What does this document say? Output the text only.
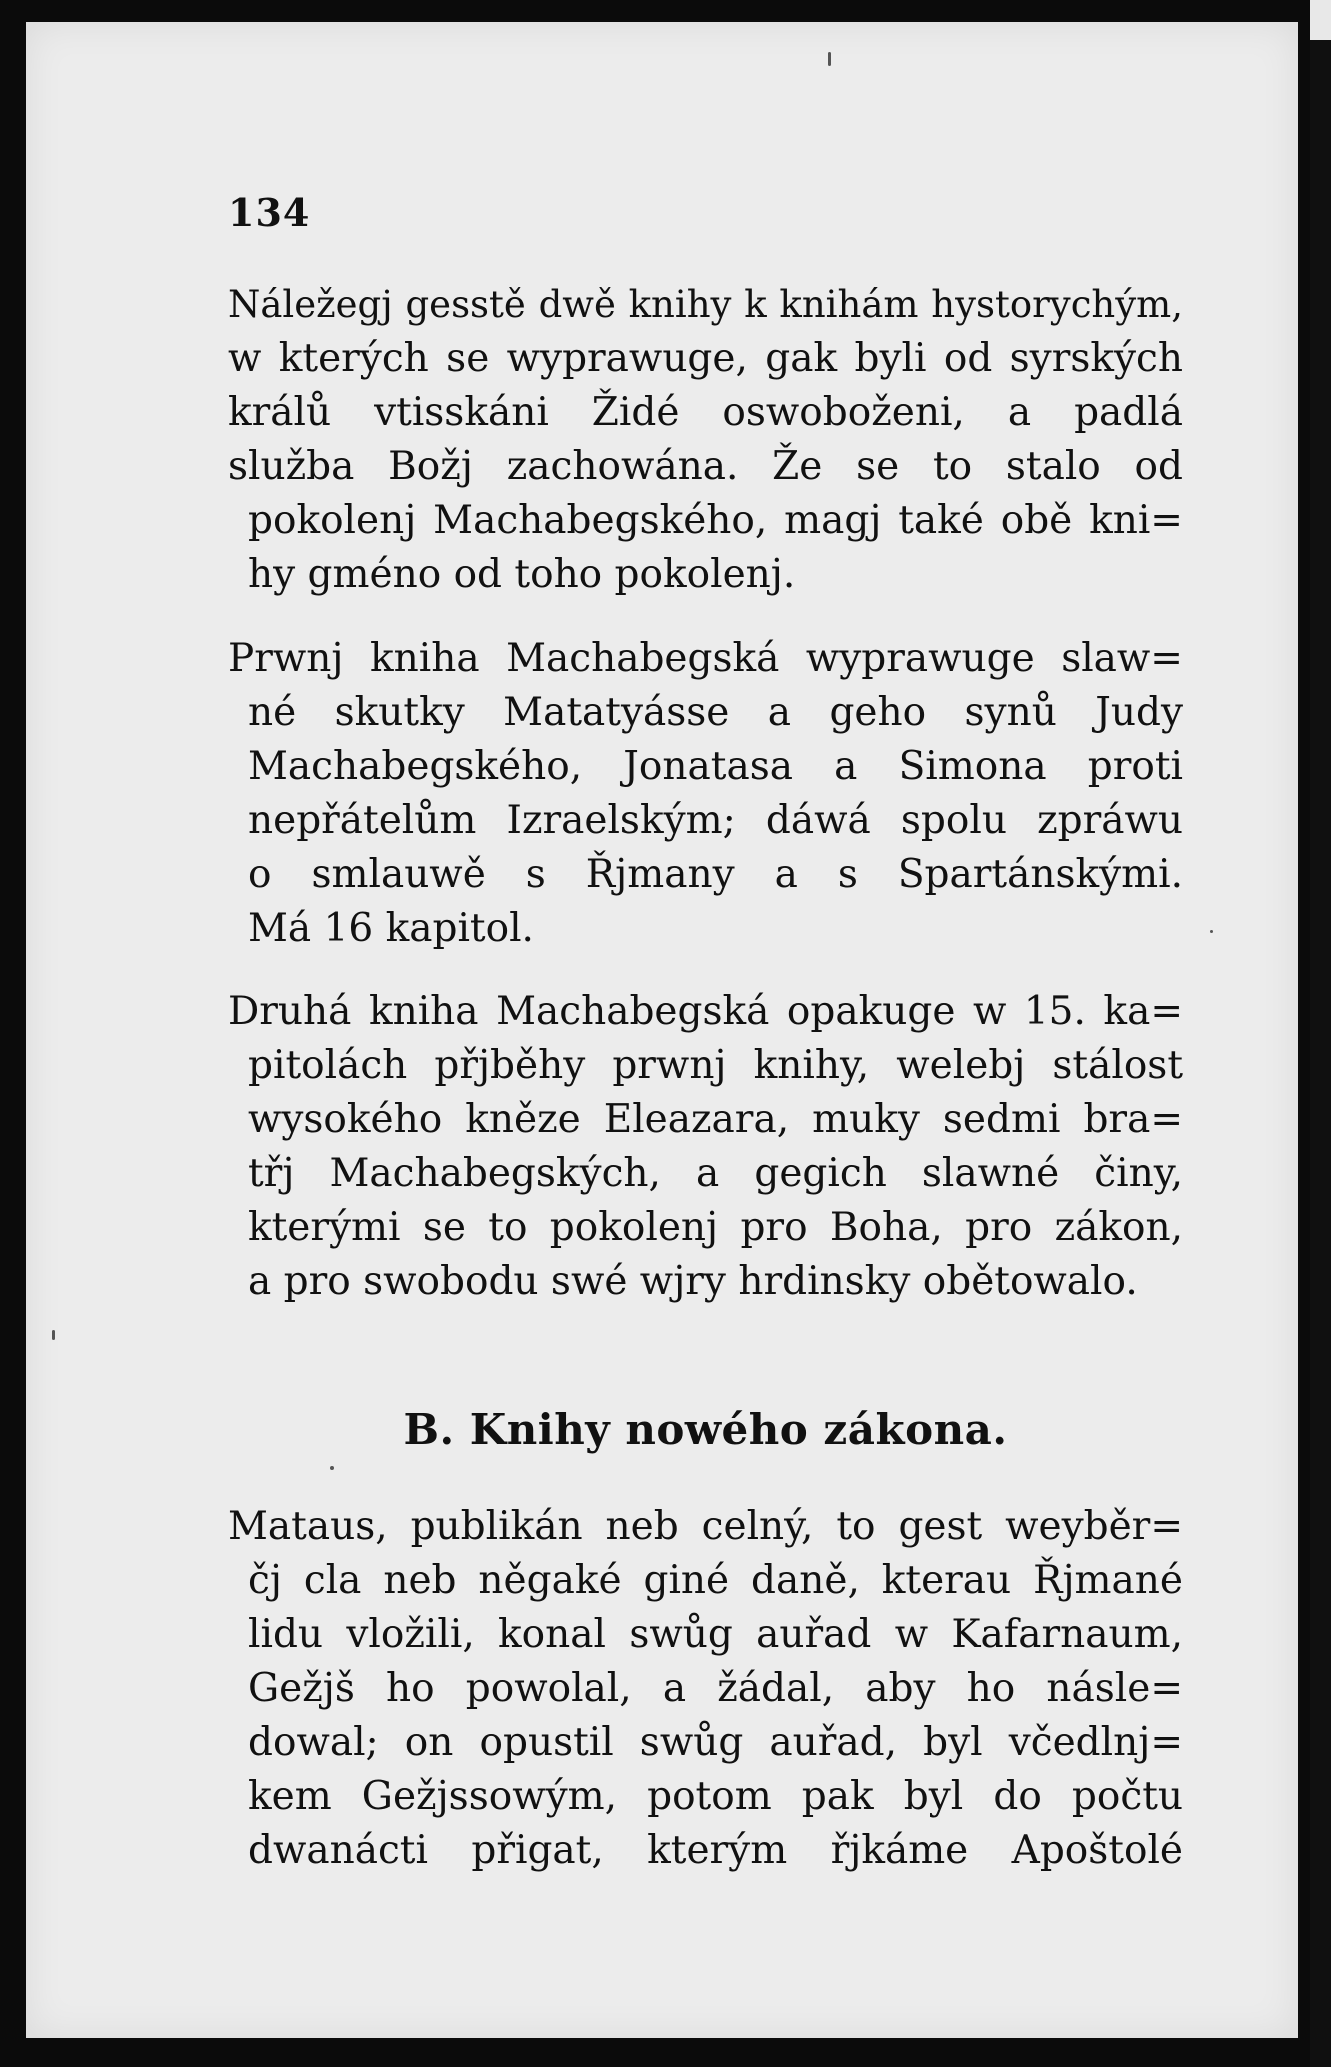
134
Náležegj gesstě dwě knihy k knihám hystorychým,
w kterých se wyprawuge, gak byli od syrských
králů vtisskáni Židé oswoboženi, a padlá
služba Božj zachowána. Že se to stalo od
pokolenj Machabegského, magj také obě kni=
hy gméno od toho pokolenj.
Prwnj kniha Machabegská wyprawuge slaw=
né skutky Matatyásse a geho synů Judy
Machabegského, Jonatasa a Simona proti
nepřátelům Izraelským; dáwá spolu zpráwu
o smlauwě s Řjmany a s Spartánskými.
Má 16 kapitol.
Druhá kniha Machabegská opakuge w 15. ka=
pitolách přjběhy prwnj knihy, welebj stálost
wysokého kněze Eleazara, muky sedmi bra=
třj Machabegských, a gegich slawné činy,
kterými se to pokolenj pro Boha, pro zákon,
a pro swobodu swé wjry hrdinsky obětowalo.
B. Knihy nowého zákona.
Mataus, publikán neb celný, to gest weyběr=
čj cla neb něgaké giné daně, kterau Řjmané
lidu vložili, konal swůg auřad w Kafarnaum,
Gežjš ho powolal, a žádal, aby ho násle=
dowal; on opustil swůg auřad, byl včedlnj=
kem Gežjssowým, potom pak byl do počtu
dwanácti přigat, kterým řjkáme Apoštolé
